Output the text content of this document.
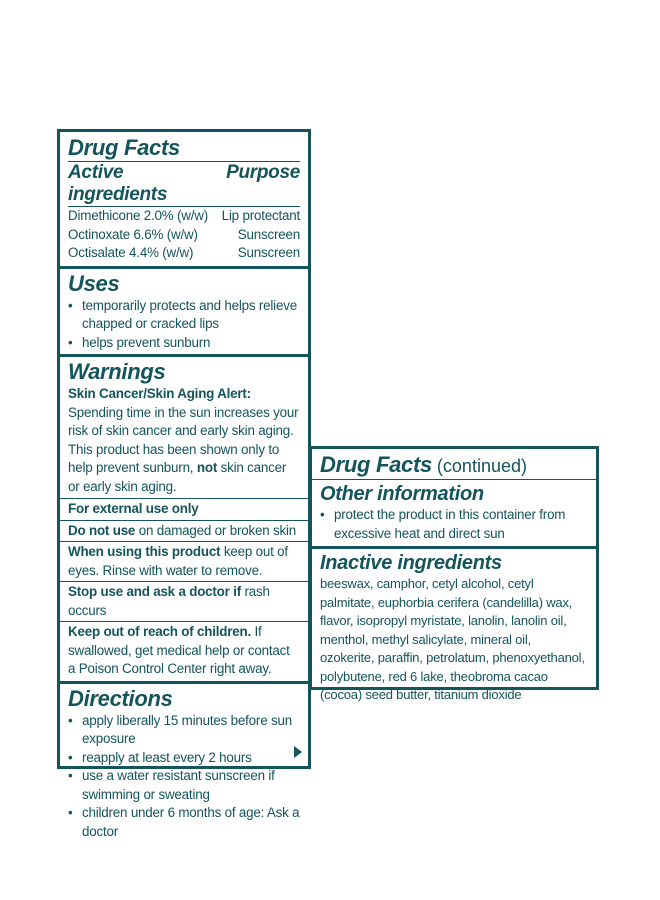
Drug Facts
Active ingredients
Purpose
Dimethicone 2.0% (w/w) Lip protectant
Octinoxate 6.6% (w/w)	Sunscreen
Octisalate 4.4% (w/w)	Sunscreen
Uses
• temporarily protects and helps relieve chapped or cracked lips
• helps prevent sunburn
Warnings
Skin Cancer/Skin Aging Alert: Spending time in the sun increases your risk of skin cancer and early skin aging. This product has been shown only to help prevent sunburn, not skin cancer or early skin aging.
For external use only
Do not use on damaged or broken skin
When using this product keep out of eyes. Rinse with water to remove.
Stop use and ask a doctor if rash occurs
Keep out of reach of children. If swallowed, get medical help or contact a Poison Control Center right away.
Directions
• apply liberally 15 minutes before sun exposure
• reapply at least every 2 hours
• use a water resistant sunscreen if swimming or sweating
• children under 6 months of age: Ask a doctor
Drug Facts (continued)
Other information
• protect the product in this container from excessive heat and direct sun
Inactive ingredients
beeswax, camphor, cetyl alcohol, cetyl palmitate, euphorbia cerifera (candelilla) wax, flavor, isopropyl myristate, lanolin, lanolin oil, menthol, methyl salicylate, mineral oil, ozokerite, paraffin, petrolatum, phenoxyethanol, polybutene, red 6 lake, theobroma cacao (cocoa) seed butter, titanium dioxide
